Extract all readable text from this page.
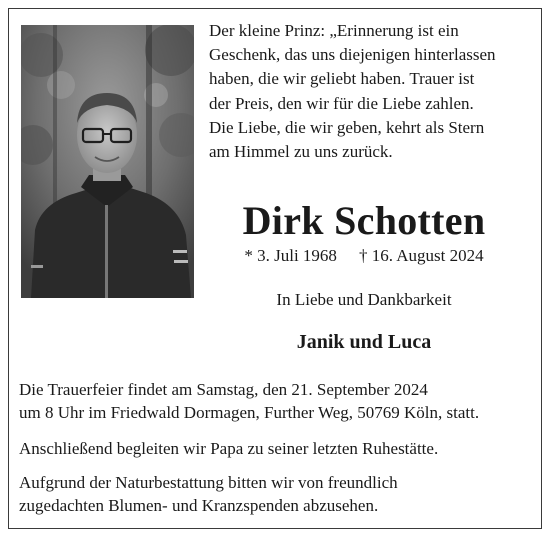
Der kleine Prinz: „Erinnerung ist ein
Geschenk, das uns diejenigen hinterlassen
haben, die wir geliebt haben. Trauer ist
der Preis, den wir für die Liebe zahlen.
Die Liebe, die wir geben, kehrt als Stern
am Himmel zu uns zurück.
Dirk Schotten
* 3. Juli 1968 † 16. August 2024
In Liebe und Dankbarkeit
Janik und Luca
Die Trauerfeier findet am Samstag, den 21. September 2024
um 8 Uhr im Friedwald Dormagen, Further Weg, 50769 Köln, statt.
Anschließend begleiten wir Papa zu seiner letzten Ruhestätte.
Aufgrund der Naturbestattung bitten wir von freundlich
zugedachten Blumen- und Kranzspenden abzusehen.
